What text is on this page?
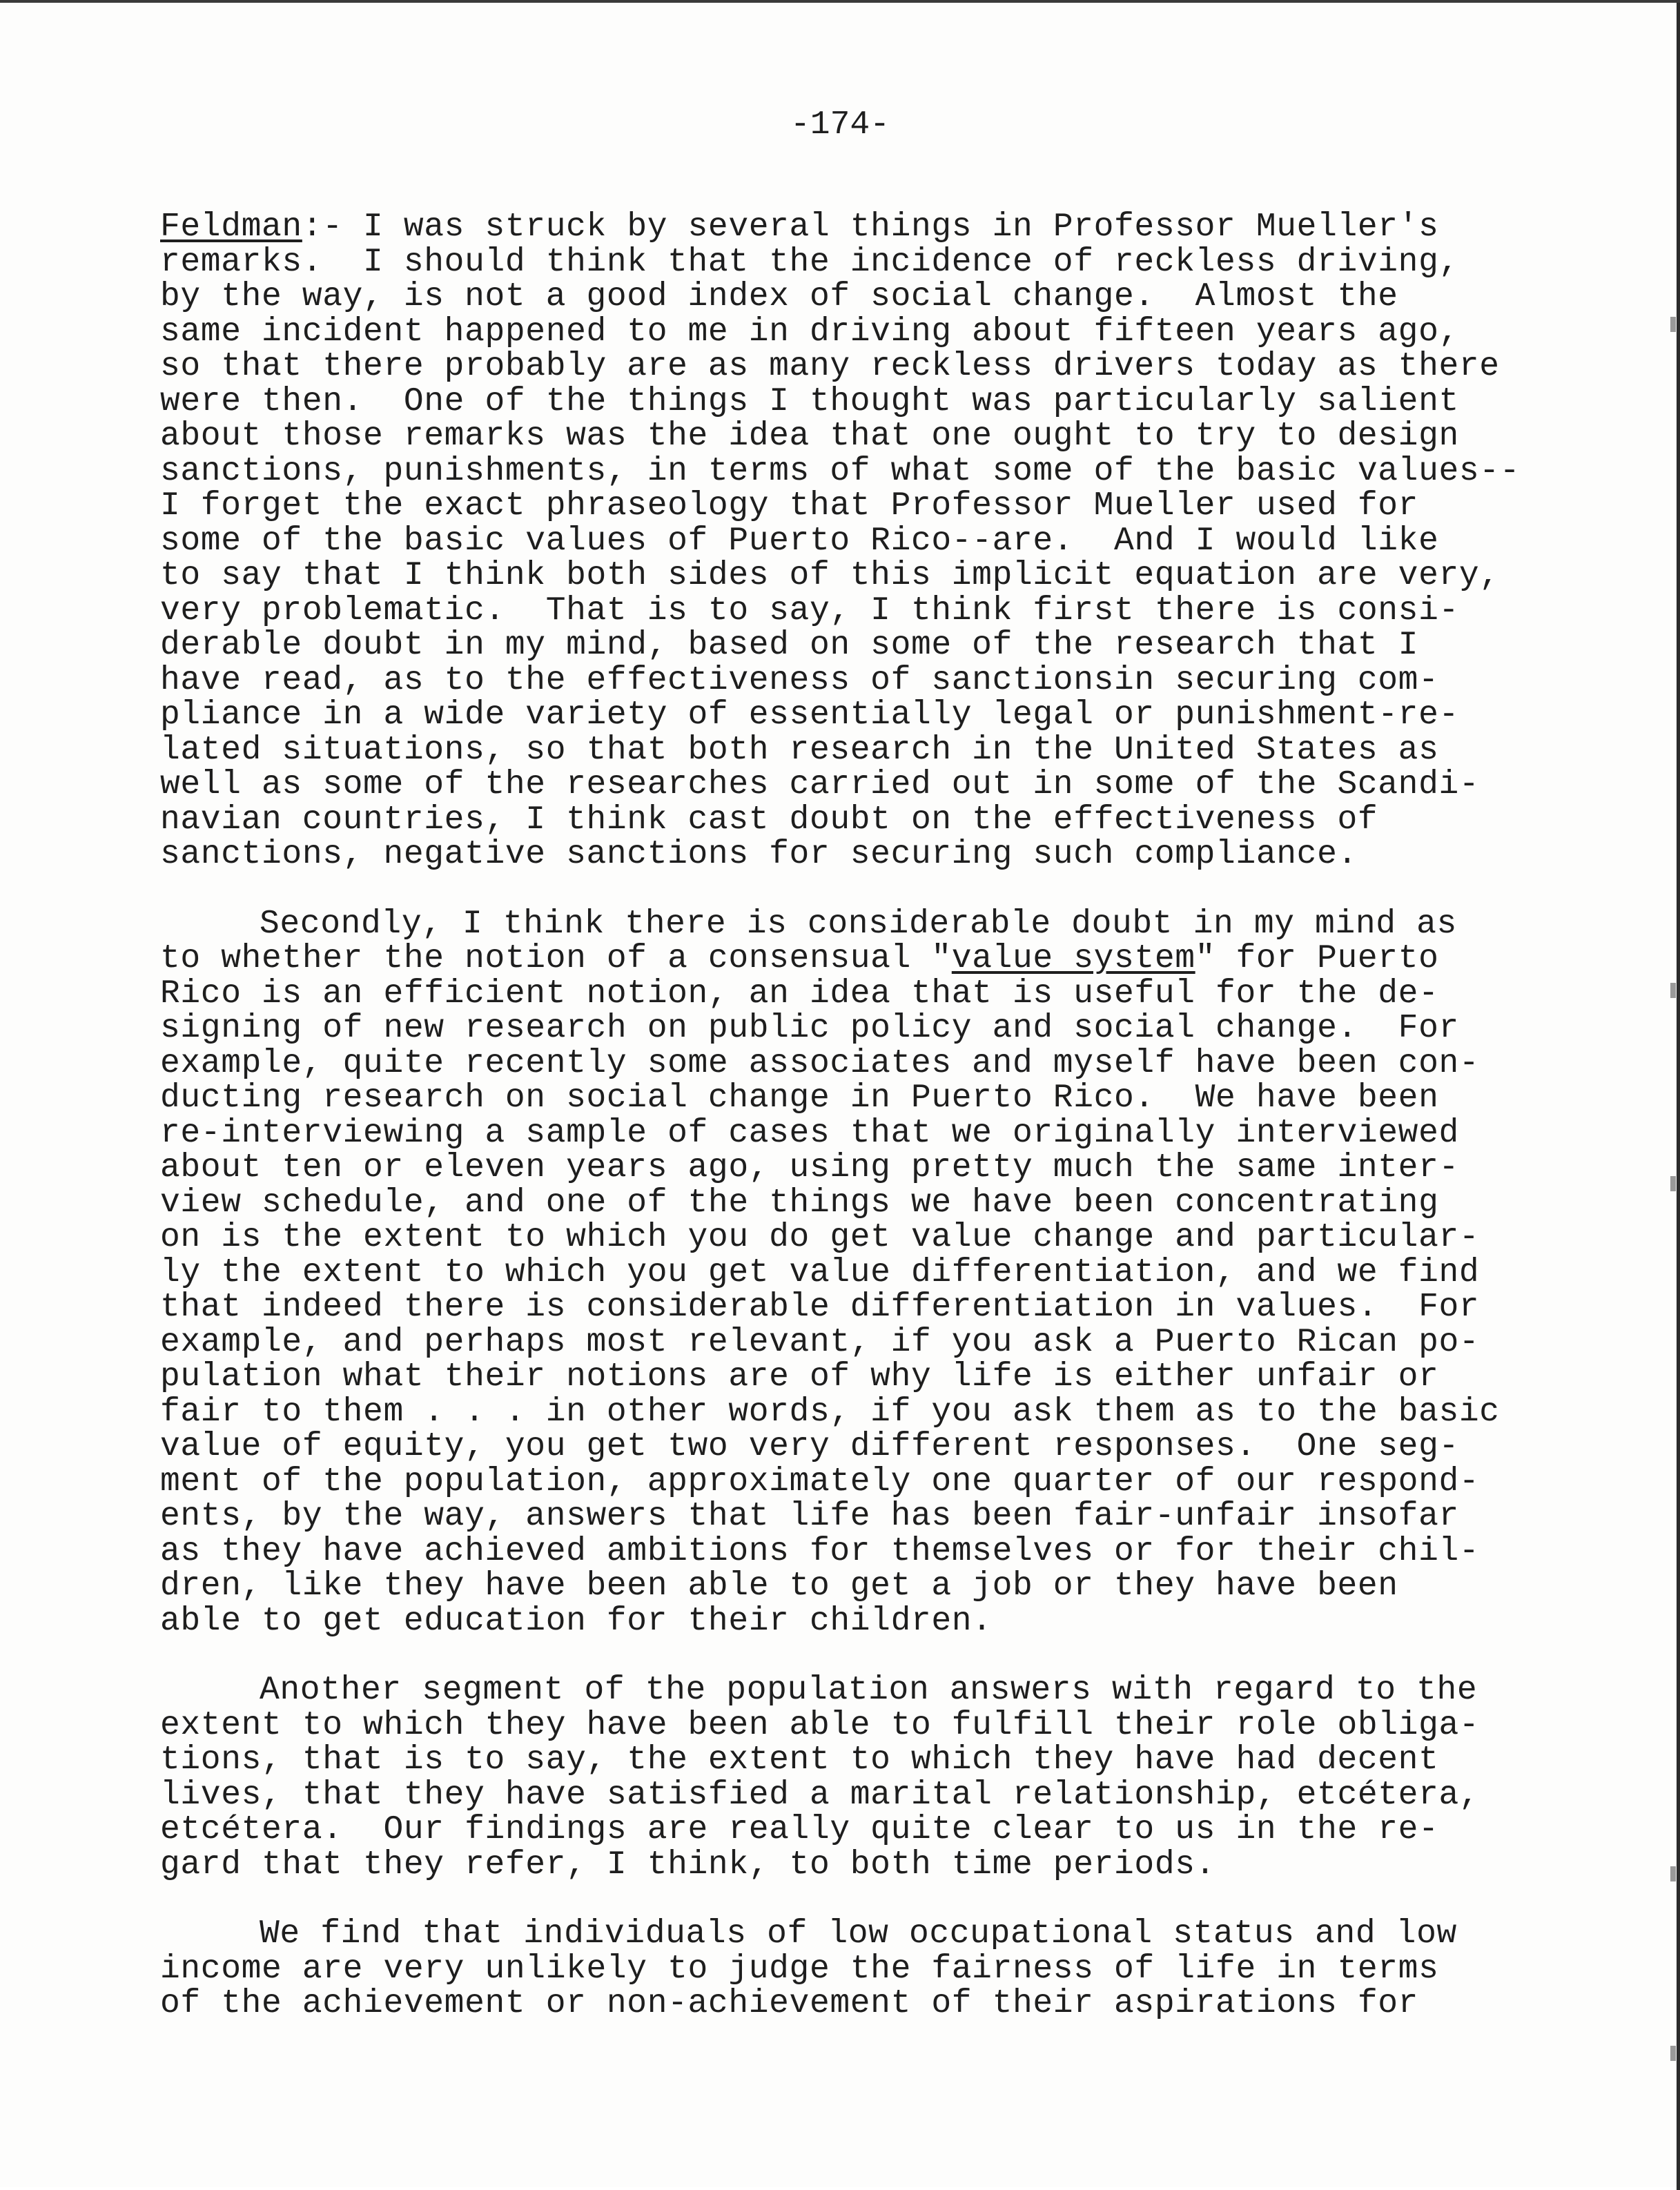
-174-

Feldman:- I was struck by several things in Professor Mueller's
remarks.  I should think that the incidence of reckless driving,
by the way, is not a good index of social change.  Almost the
same incident happened to me in driving about fifteen years ago,
so that there probably are as many reckless drivers today as there
were then.  One of the things I thought was particularly salient
about those remarks was the idea that one ought to try to design
sanctions, punishments, in terms of what some of the basic values--
I forget the exact phraseology that Professor Mueller used for
some of the basic values of Puerto Rico--are.  And I would like
to say that I think both sides of this implicit equation are very,
very problematic.  That is to say, I think first there is consi-
derable doubt in my mind, based on some of the research that I
have read, as to the effectiveness of sanctionsin securing com-
pliance in a wide variety of essentially legal or punishment-re-
lated situations, so that both research in the United States as
well as some of the researches carried out in some of the Scandi-
navian countries, I think cast doubt on the effectiveness of
sanctions, negative sanctions for securing such compliance.
Secondly, I think there is considerable doubt in my mind as
to whether the notion of a consensual "value system" for Puerto
Rico is an efficient notion, an idea that is useful for the de-
signing of new research on public policy and social change.  For
example, quite recently some associates and myself have been con-
ducting research on social change in Puerto Rico.  We have been
re-interviewing a sample of cases that we originally interviewed
about ten or eleven years ago, using pretty much the same inter-
view schedule, and one of the things we have been concentrating
on is the extent to which you do get value change and particular-
ly the extent to which you get value differentiation, and we find
that indeed there is considerable differentiation in values.  For
example, and perhaps most relevant, if you ask a Puerto Rican po-
pulation what their notions are of why life is either unfair or
fair to them . . . in other words, if you ask them as to the basic
value of equity, you get two very different responses.  One seg-
ment of the population, approximately one quarter of our respond-
ents, by the way, answers that life has been fair-unfair insofar
as they have achieved ambitions for themselves or for their chil-
dren, like they have been able to get a job or they have been
able to get education for their children.
Another segment of the population answers with regard to the
extent to which they have been able to fulfill their role obliga-
tions, that is to say, the extent to which they have had decent
lives, that they have satisfied a marital relationship, etcétera,
etcétera.  Our findings are really quite clear to us in the re-
gard that they refer, I think, to both time periods.
We find that individuals of low occupational status and low
income are very unlikely to judge the fairness of life in terms
of the achievement or non-achievement of their aspirations for
